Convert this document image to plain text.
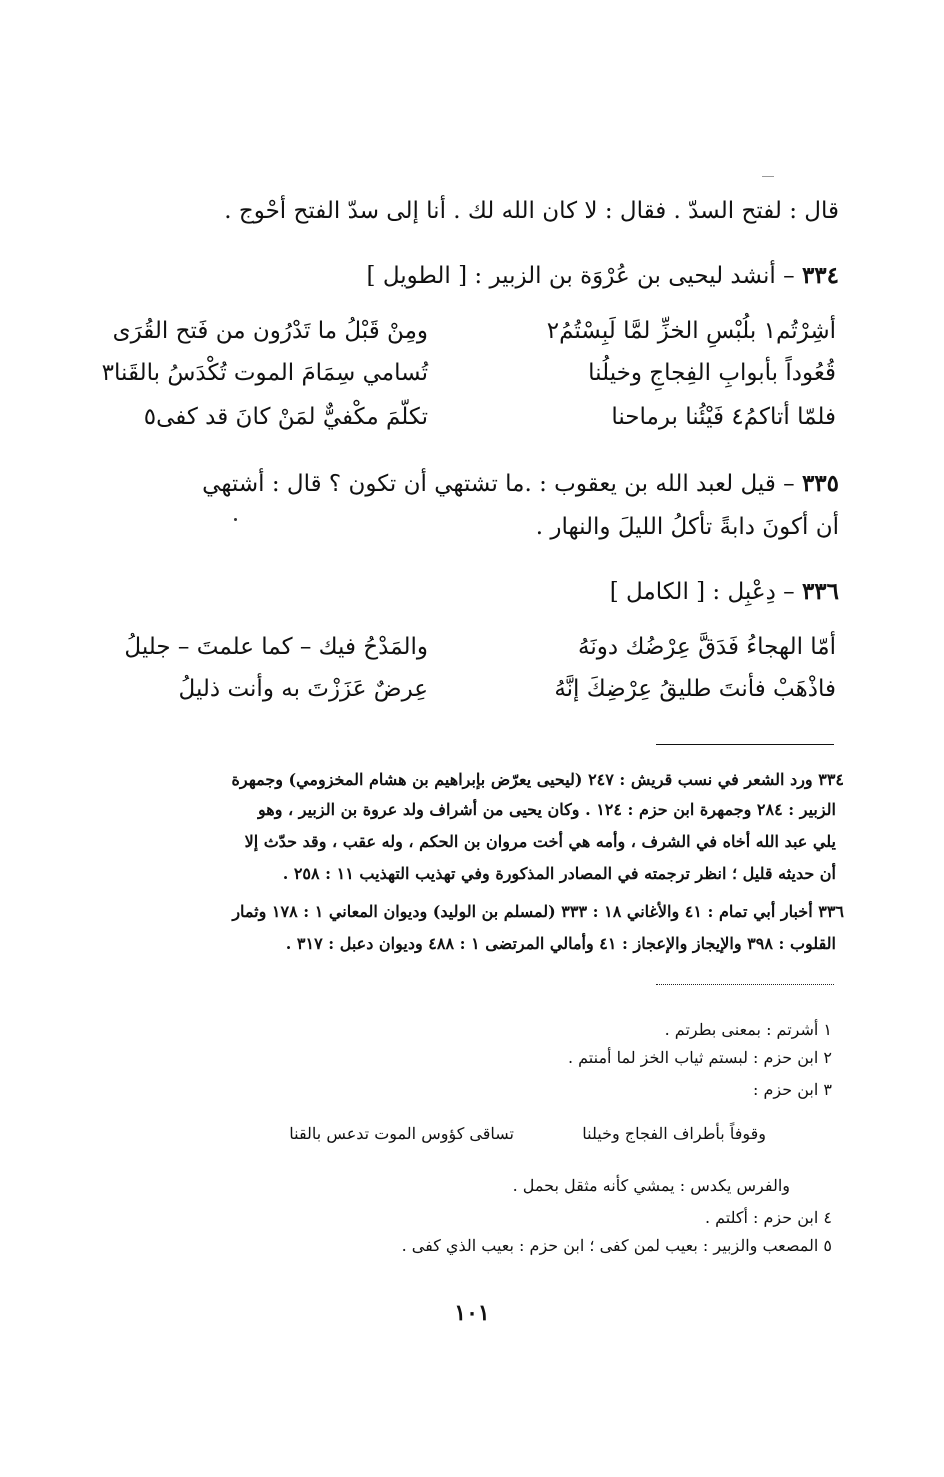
قال : لفتح السدّ . فقال : لا كان الله لك . أنا إلى سدّ الفتح أحْوج .
٣٣٤ – أنشد ليحيى بن عُرْوَة بن الزبير : [ الطويل ]
أشِرْتُم١ بلُبْسِ الخزِّ لمَّا لَبِسْتُمُ٢
ومِنْ قَبْلُ ما تَدْرُون من فَتح القُرَى
قُعُوداً بأبوابِ الفِجاجِ وخيلُنا
تُسامي سِمَامَ الموت تُكْدَسُ بالقَنا٣
فلمّا أتاكمُ٤ فَيْئُنا برماحنا
تكلّمَ مكْفيٌّ لمَنْ كانَ قد كفى٥
٣٣٥ – قيل لعبد الله بن يعقوب : .ما تشتهي أن تكون ؟ قال : أشتهي
أن أكونَ دابةً تأكلُ الليلَ والنهار .
٣٣٦ – دِعْبِل : [ الكامل ]
أمّا الهجاءُ فَدَقَّ عِرْضُك دونَهُ
والمَدْحُ فيك – كما علمتَ – جليلُ
فاذْهَبْ فأنتَ طليقُ عِرْضِكَ إنَّهُ
عِرضٌ عَزَزْتَ به وأنت ذليلُ
٣٣٤ ورد الشعر في نسب قريش : ٢٤٧ (ليحيى يعرّض بإبراهيم بن هشام المخزومي) وجمهرة
الزبير : ٢٨٤ وجمهرة ابن حزم : ١٢٤ . وكان يحيى من أشراف ولد عروة بن الزبير ، وهو
يلي عبد الله أخاه في الشرف ، وأمه هي أخت مروان بن الحكم ، وله عقب ، وقد حدّث إلا
أن حديثه قليل ؛ انظر ترجمته في المصادر المذكورة وفي تهذيب التهذيب ١١ : ٢٥٨ .
٣٣٦ أخبار أبي تمام : ٤١ والأغاني ١٨ : ٣٣٣ (لمسلم بن الوليد) وديوان المعاني ١ : ١٧٨ وثمار
القلوب : ٣٩٨ والإيجاز والإعجاز : ٤١ وأمالي المرتضى ١ : ٤٨٨ وديوان دعبل : ٣١٧ .
١ أشرتم : بمعنى بطرتم .
٢ ابن حزم : لبستم ثياب الخز لما أمنتم .
٣ ابن حزم :
وقوفاً بأطراف الفجاج وخيلنا
تساقى كؤوس الموت تدعس بالقنا
والفرس يكدس : يمشي كأنه مثقل بحمل .
٤ ابن حزم : أكلتم .
٥ المصعب والزبير : بعيب لمن كفى ؛ ابن حزم : بعيب الذي كفى .
١٠١
